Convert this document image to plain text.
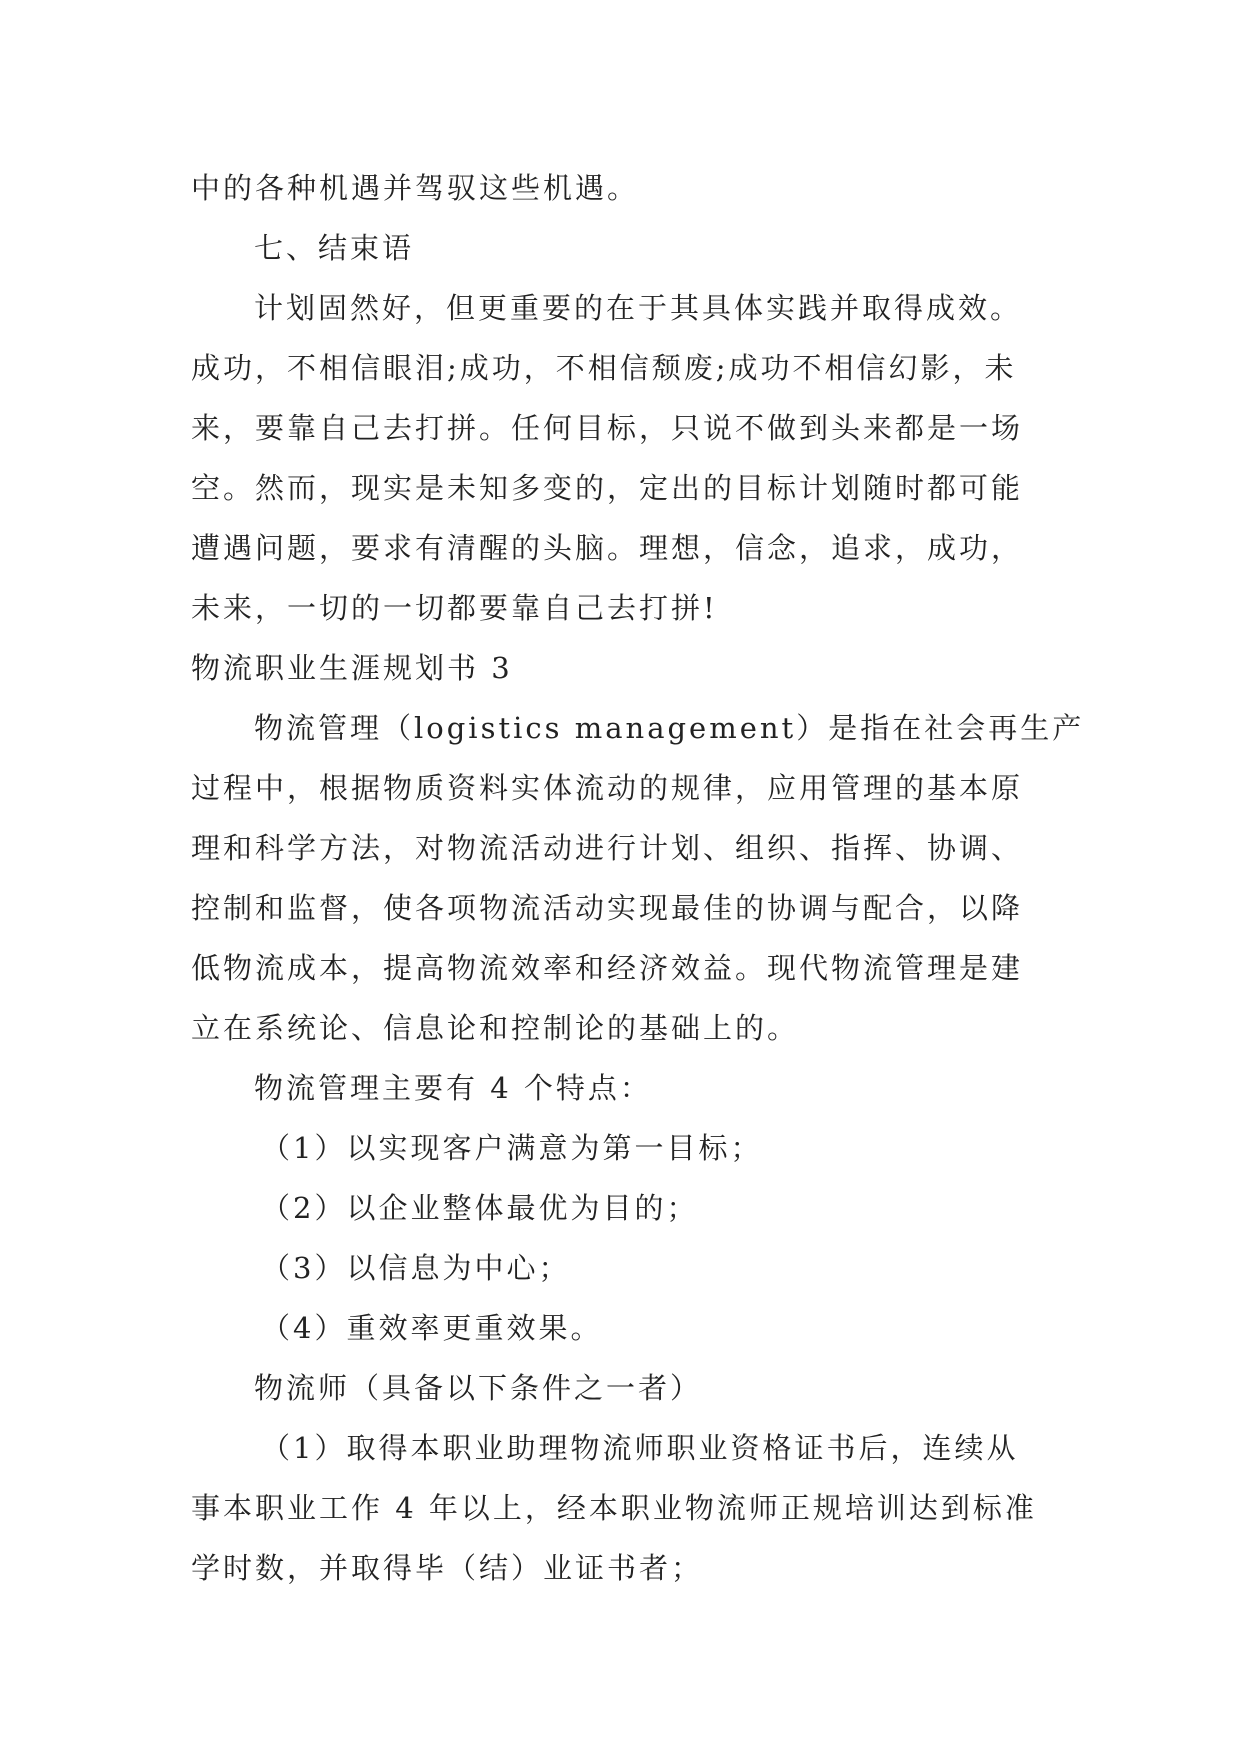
中的各种机遇并驾驭这些机遇。
七、结束语
计划固然好，但更重要的在于其具体实践并取得成效。
成功，不相信眼泪;成功，不相信颓废;成功不相信幻影，未
来，要靠自己去打拼。任何目标，只说不做到头来都是一场
空。然而，现实是未知多变的，定出的目标计划随时都可能
遭遇问题，要求有清醒的头脑。理想，信念，追求，成功，
未来，一切的一切都要靠自己去打拼!
物流职业生涯规划书 3
物流管理（logistics management）是指在社会再生产
过程中，根据物质资料实体流动的规律，应用管理的基本原
理和科学方法，对物流活动进行计划、组织、指挥、协调、
控制和监督，使各项物流活动实现最佳的协调与配合，以降
低物流成本，提高物流效率和经济效益。现代物流管理是建
立在系统论、信息论和控制论的基础上的。
物流管理主要有 4 个特点：
（1）以实现客户满意为第一目标；
（2）以企业整体最优为目的；
（3）以信息为中心；
（4）重效率更重效果。
物流师（具备以下条件之一者）
（1）取得本职业助理物流师职业资格证书后，连续从
事本职业工作 4 年以上，经本职业物流师正规培训达到标准
学时数，并取得毕（结）业证书者；
